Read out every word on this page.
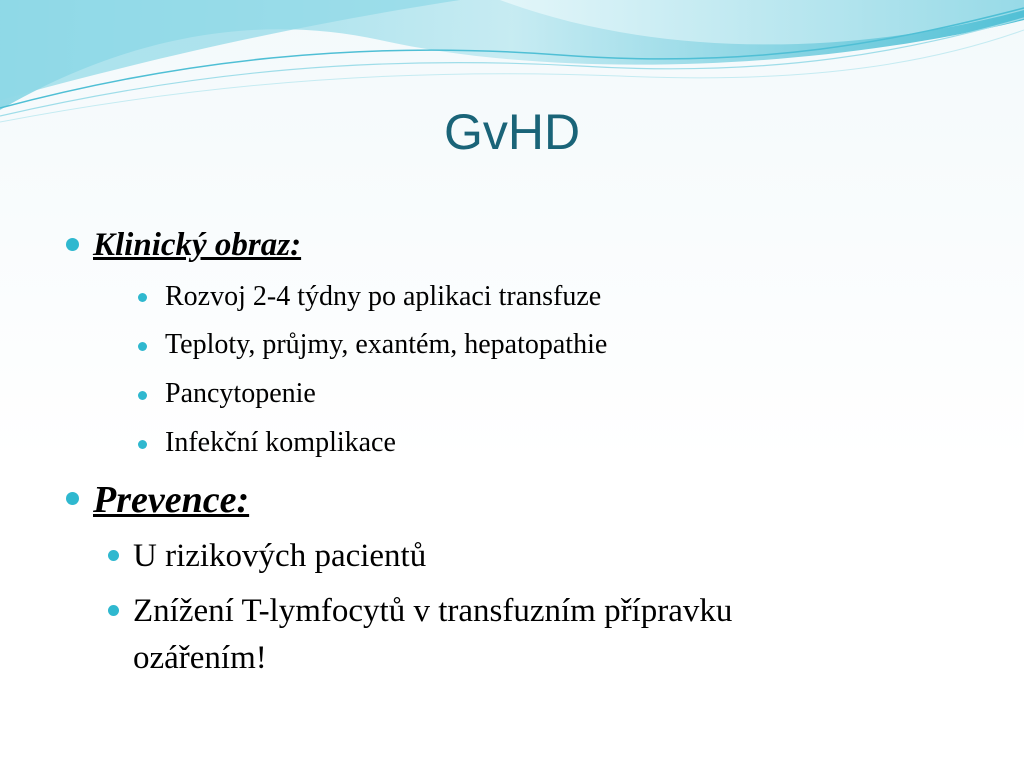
GvHD
Klinický obraz:
Rozvoj 2-4 týdny po aplikaci transfuze
Teploty, průjmy, exantém, hepatopathie
Pancytopenie
Infekční komplikace
Prevence:
U rizikových pacientů
Znížení T-lymfocytů v transfuzním přípravku
ozářením!
